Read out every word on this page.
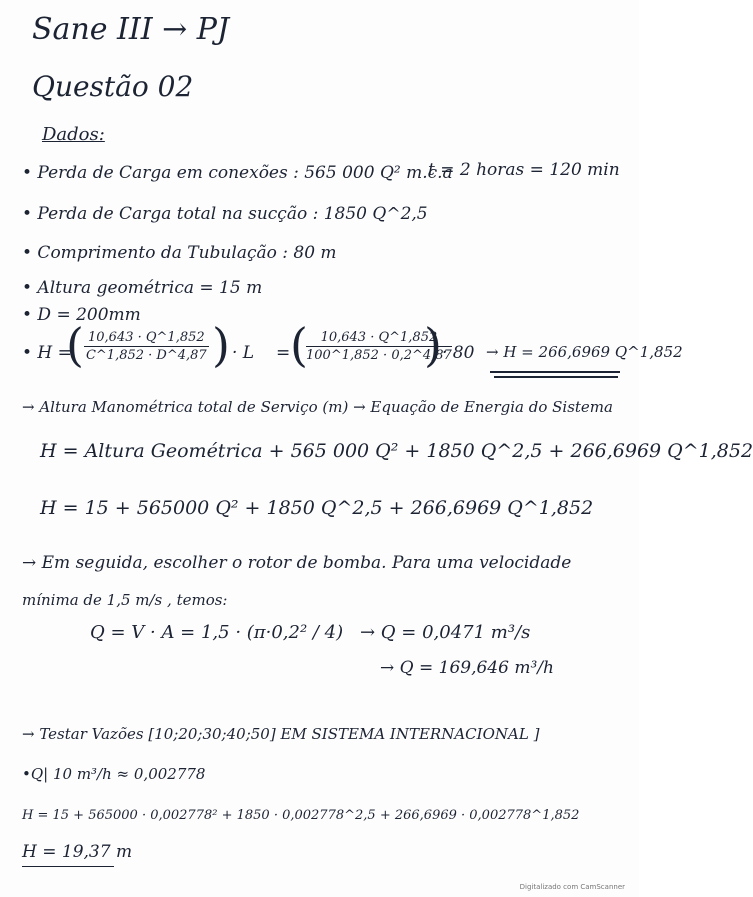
Sane III → PJ
Questão 02
Dados:
• Perda de Carga em conexões : 565 000 Q² m.c.a
t = 2 horas = 120 min
• Perda de Carga total na sucção : 1850 Q^2,5
• Comprimento da Tubulação : 80 m
• Altura geométrica = 15 m
• D = 200mm
• H =
( $\frac{10,643 \cdot Q\^{}1,852}{C\^{}1,852 \cdot D\^{}4,87}$ ) · L = (
$\frac{10,643 \cdot Q\^{}1,852}{100\^{}1,852 \cdot 0,2\^{}4,87}$
) · 80 → H = 266,6969 Q^1,852
→ Altura Manométrica total de Serviço (m) → Equação de Energia do Sistema
H = Altura Geométrica + 565 000 Q² + 1850 Q^2,5 + 266,6969 Q^1,852
H = 15 + 565000 Q² + 1850 Q^2,5 + 266,6969 Q^1,852
→ Em seguida, escolher o rotor de bomba. Para uma velocidade
mínima de 1,5 m/s , temos:
Q = V · A = 1,5 · (π·0,2² / 4) → Q = 0,0471 m³/s
→ Q = 169,646 m³/h
→ Testar Vazões [10;20;30;40;50] EM SISTEMA INTERNACIONAL ]
•Q| 10 m³/h ≈ 0,002778
H = 15 + 565000 · 0,002778² + 1850 · 0,002778^2,5 + 266,6969 · 0,002778^1,852
H = 19,37 m
Digitalizado com CamScanner
